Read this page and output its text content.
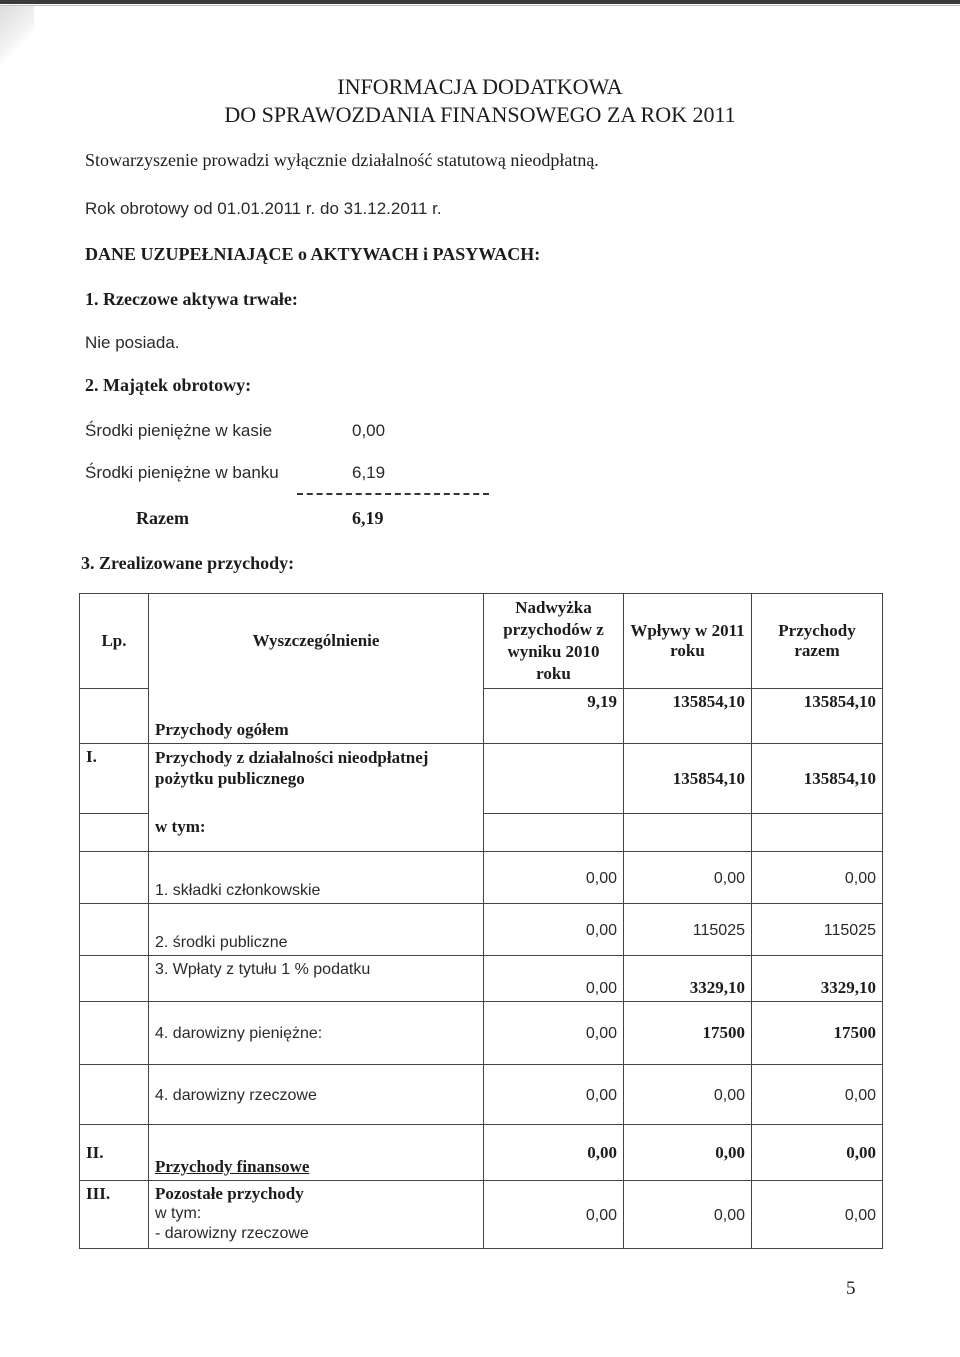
INFORMACJA DODATKOWA
DO SPRAWOZDANIA FINANSOWEGO ZA ROK 2011
Stowarzyszenie prowadzi wyłącznie działalność statutową nieodpłatną.
Rok obrotowy od 01.01.2011 r. do 31.12.2011 r.
DANE UZUPEŁNIAJĄCE o AKTYWACH i PASYWACH:
1. Rzeczowe aktywa trwałe:
Nie posiada.
2. Majątek obrotowy:
Środki pieniężne w kasie	0,00
Środki pieniężne w banku	6,19
Razem	6,19
3. Zrealizowane przychody:
Lp.	Wyszczególnienie	Nadwyżka przychodów z wyniku 2010 roku	Wpływy w 2011 roku	Przychody razem
	Przychody ogółem	9,19	135854,10	135854,10
I.	Przychody z działalności nieodpłatnej pożytku publicznego		135854,10	135854,10
	w tym:			
	1. składki członkowskie	0,00	0,00	0,00
	2. środki publiczne	0,00	115025	115025
	3. Wpłaty z tytułu 1 % podatku	0,00	3329,10	3329,10
	4. darowizny pieniężne:	0,00	17500	17500
	4. darowizny rzeczowe	0,00	0,00	0,00
II.	Przychody finansowe	0,00	0,00	0,00
III.	Pozostałe przychody
w tym:
- darowizny rzeczowe	0,00	0,00	0,00
5
